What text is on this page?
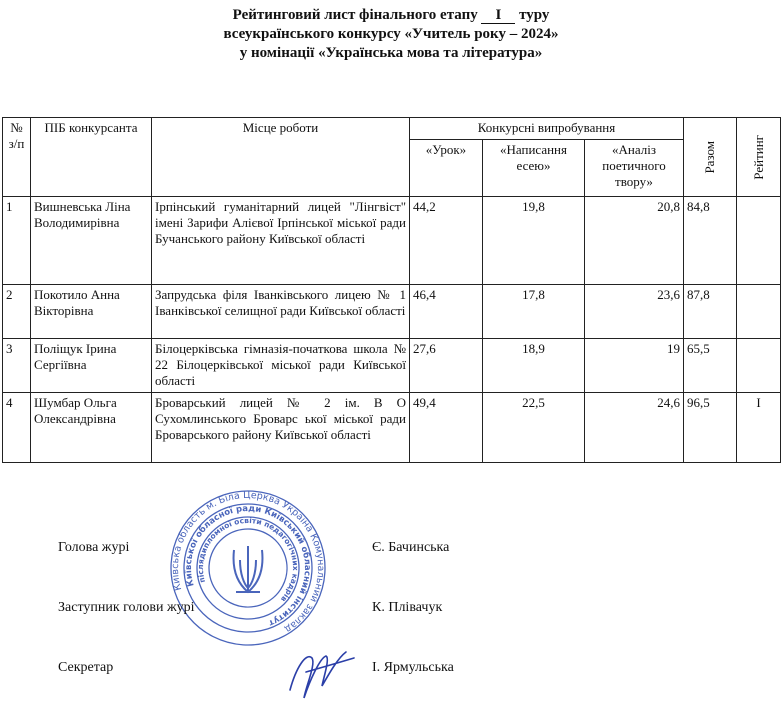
Рейтинговий лист фінального етапу I туру
всеукраїнського конкурсу «Учитель року – 2024»
у номінації «Українська мова та література»
№ з/п	ПІБ конкурсанта	Місце роботи	Конкурсні випробування			Разом	Рейтинг

			«Урок»	«Написання есею»	«Аналіз поетичного твору»		
1	Вишневська Ліна Володимирівна	Ірпінський гуманітарний лицей "Лінгвіст" імені Зарифи Алієвої Ірпінської міської ради Бучанського району Київської області	44,2	19,8	20,8	84,8	
2	Покотило Анна Вікторівна	Запрудська філя Іванківського лицею № 1 Іванківської селищної ради Київської області	46,4	17,8	23,6	87,8	
3	Поліщук Ірина Сергіївна	Білоцерківська гімназія-початкова школа № 22 Білоцерківської міської ради Київської області	27,6	18,9	19	65,5	
4	Шумбар Ольга Олександрівна	Броварський лицей № 2 ім. В О Сухомлинського Броварс ької міської ради Броварського району Київської області	49,4	22,5	24,6	96,5	I
Київська область м. Біла Церква Україна Комунальний заклад
Київської обласної ради Київський обласний інститут
післядипломної освіти педагогічних кадрів
Голова журі	Є. Бачинська
Заступник голови журі	К. Плівачук
Секретар	І. Ярмульська
